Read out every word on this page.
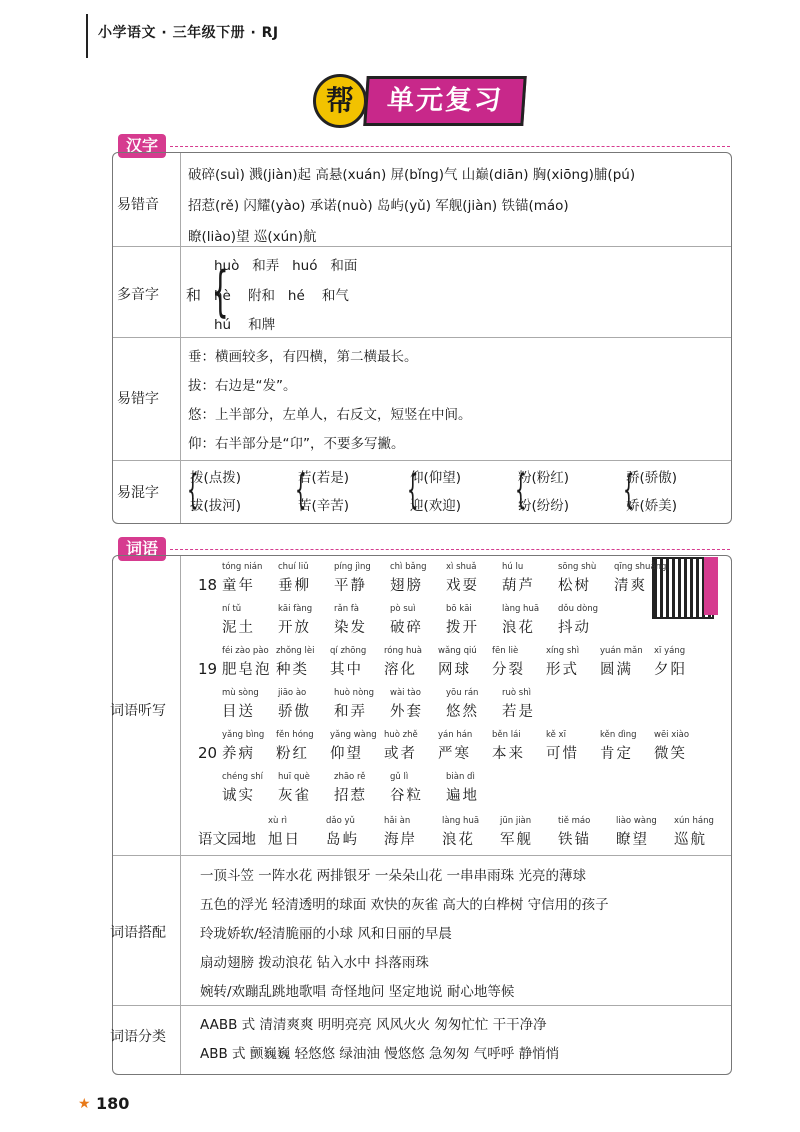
小学语文 · 三年级下册 · RJ
帮	单元复习
汉字
易错音
破碎(suì) 溅(jiàn)起 高悬(xuán) 屏(bǐng)气 山巅(diān) 胸(xiōng)脯(pú)
招惹(rě) 闪耀(yào) 承诺(nuò) 岛屿(yǔ) 军舰(jiàn) 铁锚(máo)
瞭(liào)望 巡(xún)航
多音字	和 {
huò   和弄   huó   和面
hè    附和   hé    和气
hú    和牌
易错字
垂：横画较多，有四横，第二横最长。
拔：右边是“发”。
悠：上半部分，左单人，右反文，短竖在中间。
仰：右半部分是“卬”，不要多写撇。
易混字 {
拨(点拨)
拔(拔河) {
若(若是)
苦(辛苦) {
仰(仰望)
迎(欢迎) {
粉(粉红)
纷(纷纷) {
骄(骄傲)
娇(娇美)
词语
词语听写
18
tóng nián
童年
chuí liǔ
垂柳
píng jìng
平静
chì bǎng
翅膀
xì shuǎ
戏耍
hú lu
葫芦
sōng shù
松树
qīng shuǎng
清爽
ní tǔ
泥土
kāi fàng
开放
rǎn fà
染发
pò suì
破碎
bō kāi
拨开
làng huā
浪花
dǒu dòng
抖动
19
féi zào pào
肥皂泡
zhǒng lèi
种类
qí zhōng
其中
róng huà
溶化
wǎng qiú
网球
fēn liè
分裂
xíng shì
形式
yuán mǎn
圆满
xī yáng
夕阳
mù sòng
目送
jiāo ào
骄傲
huò nòng
和弄
wài tào
外套
yōu rán
悠然
ruò shì
若是
20
yǎng bìng
养病
fěn hóng
粉红
yǎng wàng
仰望
huò zhě
或者
yán hán
严寒
běn lái
本来
kě xī
可惜
kěn dìng
肯定
wēi xiào
微笑
chéng shí
诚实
huī què
灰雀
zhāo rě
招惹
gǔ lì
谷粒
biàn dì
遍地
语文园地
xù rì
旭日
dǎo yǔ
岛屿
hǎi àn
海岸
làng huā
浪花
jūn jiàn
军舰
tiě máo
铁锚
liào wàng
瞭望
xún háng
巡航
词语搭配
一顶斗笠 一阵水花 两排银牙 一朵朵山花 一串串雨珠 光亮的薄球
五色的浮光 轻清透明的球面 欢快的灰雀 高大的白桦树 守信用的孩子
玲珑娇软/轻清脆丽的小球 风和日丽的早晨
扇动翅膀 拨动浪花 钻入水中 抖落雨珠
婉转/欢蹦乱跳地歌唱 奇怪地问 坚定地说 耐心地等候
词语分类
AABB 式 清清爽爽 明明亮亮 风风火火 匆匆忙忙 干干净净
ABB 式 颤巍巍 轻悠悠 绿油油 慢悠悠 急匆匆 气呼呼 静悄悄
★ 180
